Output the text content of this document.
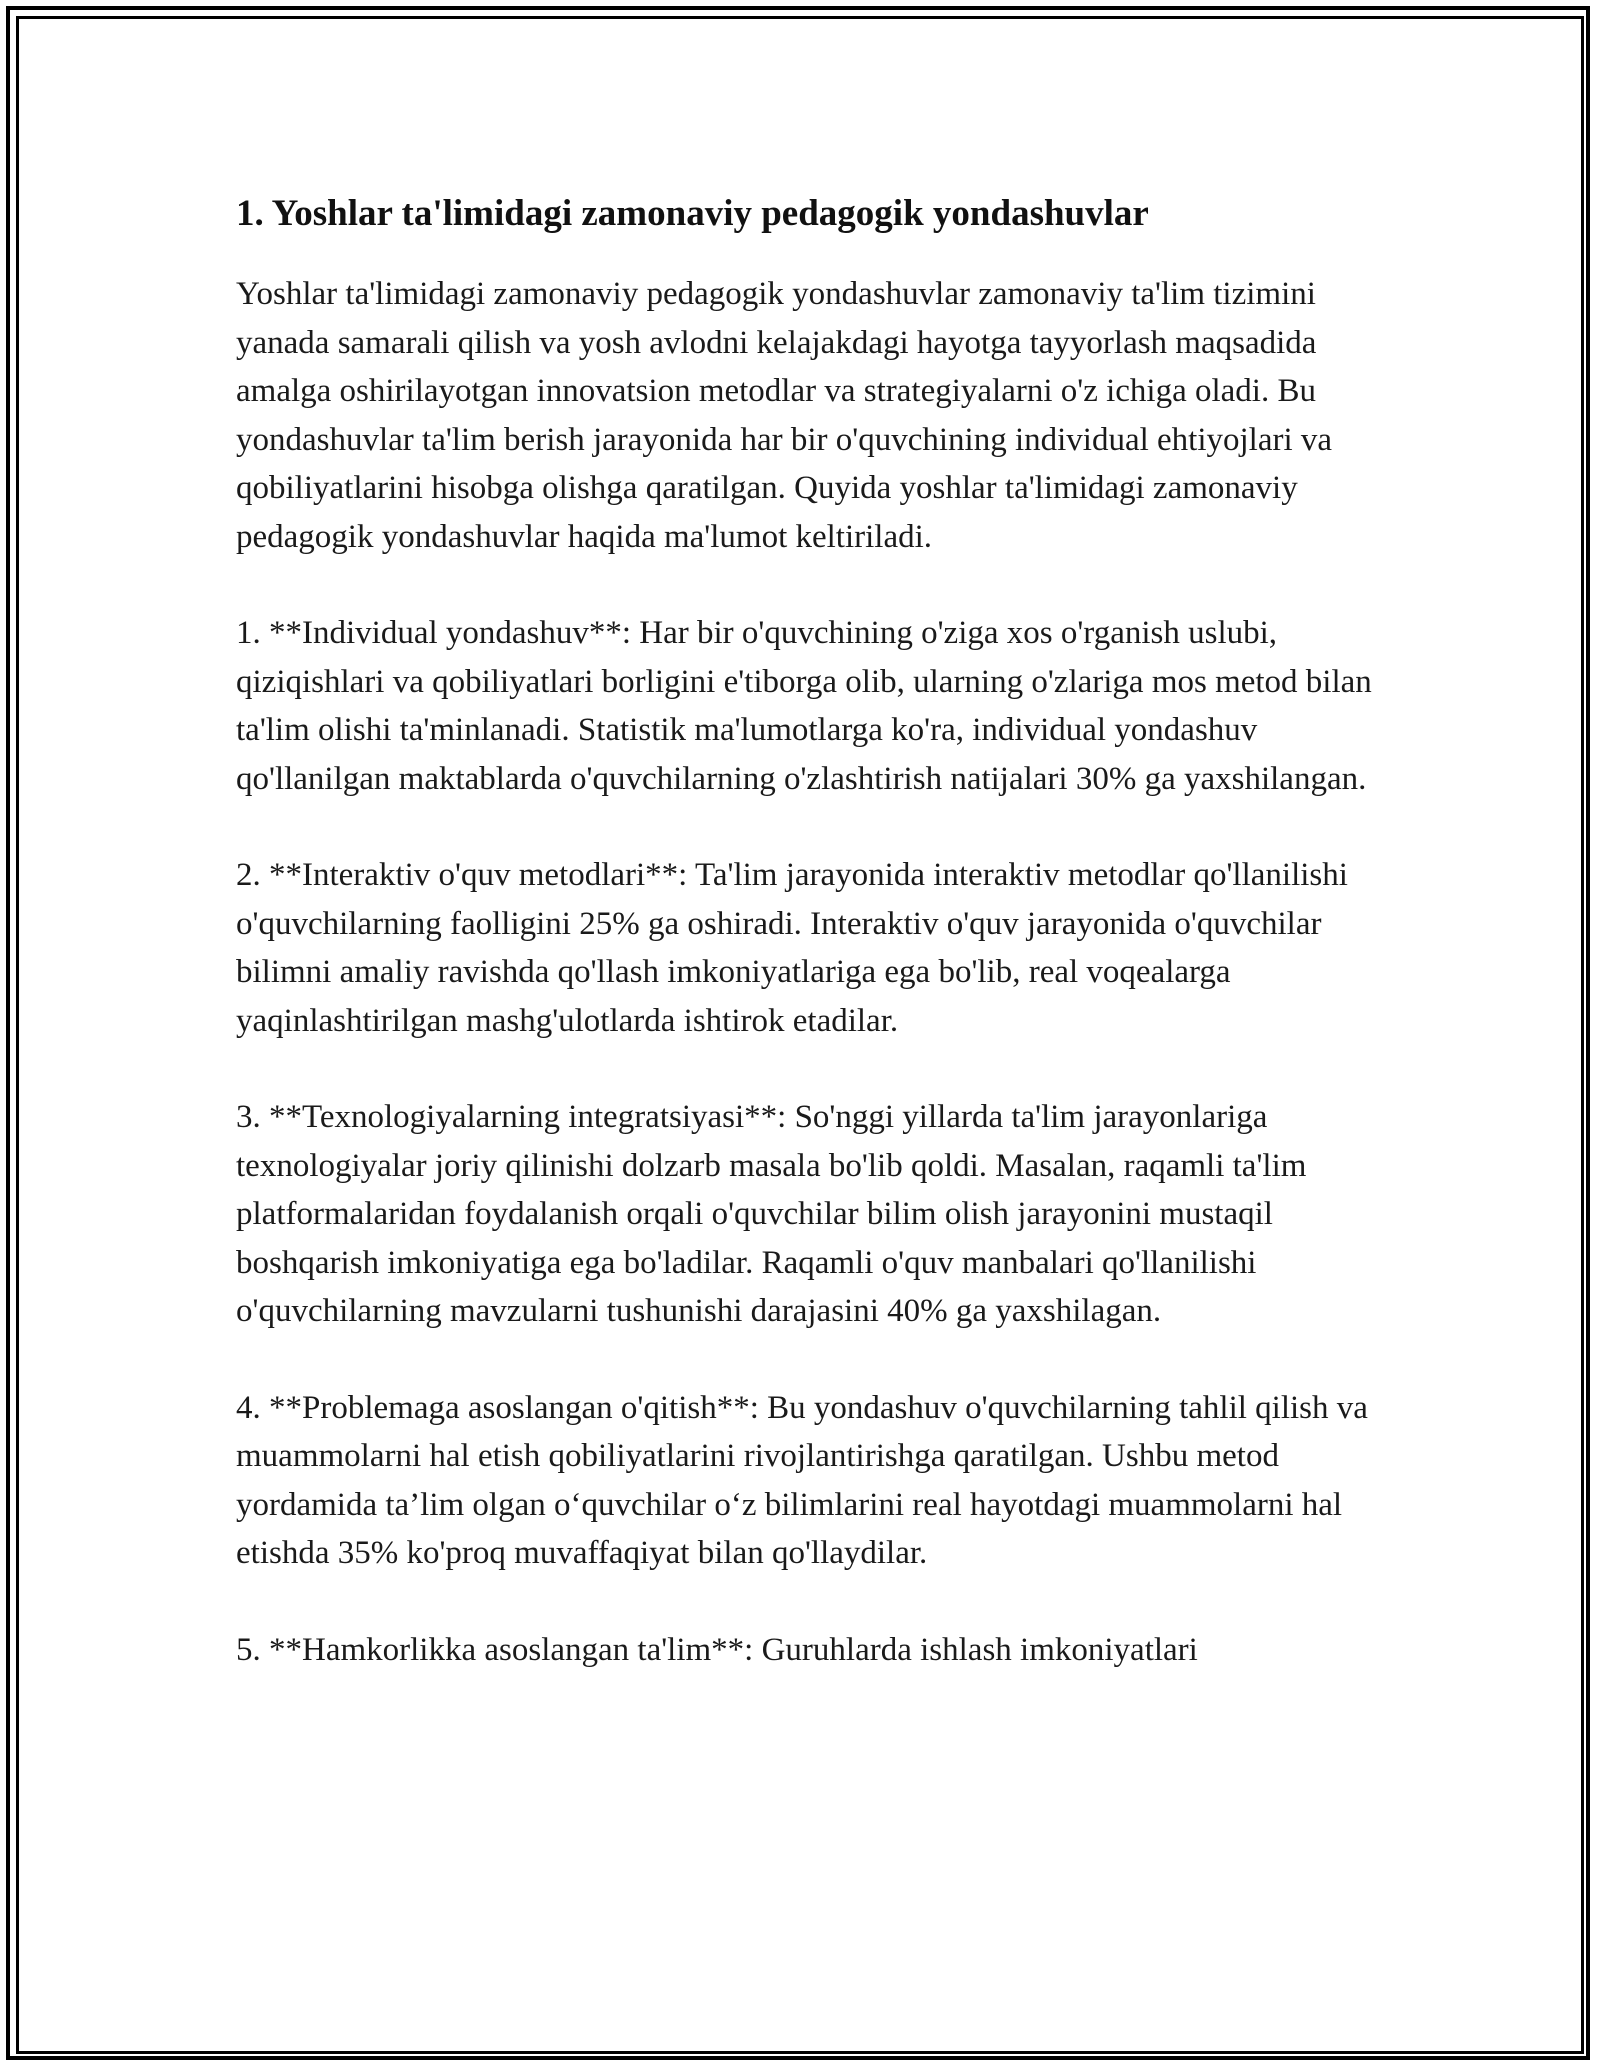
1. Yoshlar ta'limidagi zamonaviy pedagogik yondashuvlar

Yoshlar ta'limidagi zamonaviy pedagogik yondashuvlar zamonaviy ta'lim tizimini yanada samarali qilish va yosh avlodni kelajakdagi hayotga tayyorlash maqsadida amalga oshirilayotgan innovatsion metodlar va strategiyalarni o'z ichiga oladi. Bu yondashuvlar ta'lim berish jarayonida har bir o'quvchining individual ehtiyojlari va qobiliyatlarini hisobga olishga qaratilgan. Quyida yoshlar ta'limidagi zamonaviy pedagogik yondashuvlar haqida ma'lumot keltiriladi.

1. **Individual yondashuv**: Har bir o'quvchining o'ziga xos o'rganish uslubi, qiziqishlari va qobiliyatlari borligini e'tiborga olib, ularning o'zlariga mos metod bilan ta'lim olishi ta'minlanadi. Statistik ma'lumotlarga ko'ra, individual yondashuv qo'llanilgan maktablarda o'quvchilarning o'zlashtirish natijalari 30% ga yaxshilangan.

2. **Interaktiv o'quv metodlari**: Ta'lim jarayonida interaktiv metodlar qo'llanilishi o'quvchilarning faolligini 25% ga oshiradi. Interaktiv o'quv jarayonida o'quvchilar bilimni amaliy ravishda qo'llash imkoniyatlariga ega bo'lib, real voqealarga yaqinlashtirilgan mashg'ulotlarda ishtirok etadilar.

3. **Texnologiyalarning integratsiyasi**: So'nggi yillarda ta'lim jarayonlariga texnologiyalar joriy qilinishi dolzarb masala bo'lib qoldi. Masalan, raqamli ta'lim platformalaridan foydalanish orqali o'quvchilar bilim olish jarayonini mustaqil boshqarish imkoniyatiga ega bo'ladilar. Raqamli o'quv manbalari qo'llanilishi o'quvchilarning mavzularni tushunishi darajasini 40% ga yaxshilagan.

4. **Problemaga asoslangan o'qitish**: Bu yondashuv o'quvchilarning tahlil qilish va muammolarni hal etish qobiliyatlarini rivojlantirishga qaratilgan. Ushbu metod yordamida ta’lim olgan o‘quvchilar o‘z bilimlarini real hayotdagi muammolarni hal etishda 35% ko'proq muvaffaqiyat bilan qo'llaydilar.

5. **Hamkorlikka asoslangan ta'lim**: Guruhlarda ishlash imkoniyatlari
